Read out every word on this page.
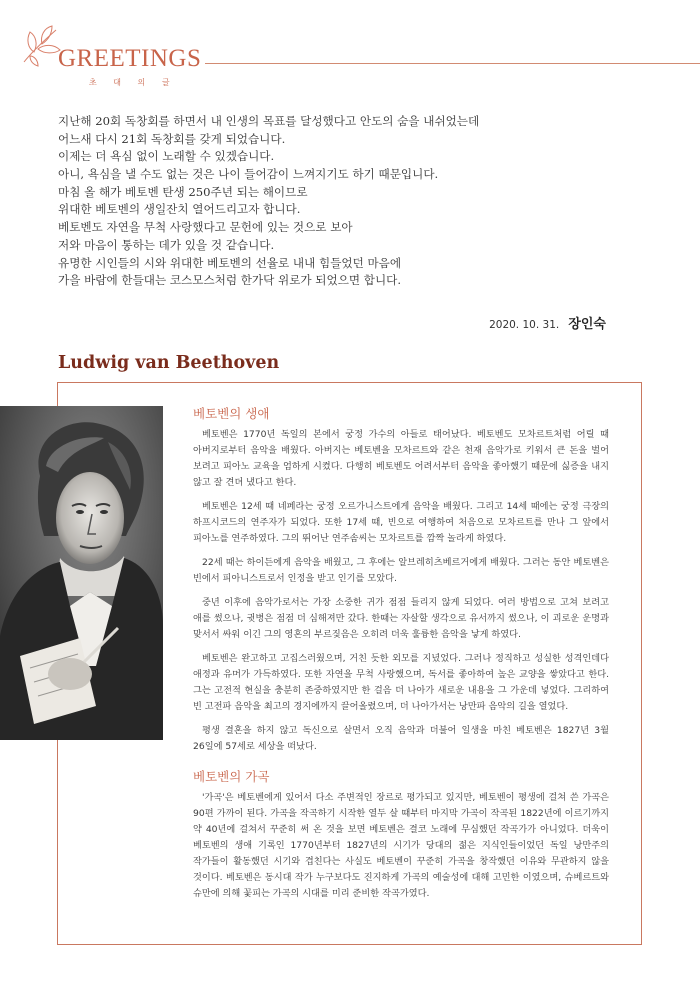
GREETINGS
초 대 의 글
지난해 20회 독창회를 하면서 내 인생의 목표를 달성했다고 안도의 숨을 내쉬었는데
어느새 다시 21회 독창회를 갖게 되었습니다.
이제는 더 욕심 없이 노래할 수 있겠습니다.
아니, 욕심을 낼 수도 없는 것은 나이 들어감이 느껴지기도 하기 때문입니다.
마침 올 해가 베토벤 탄생 250주년 되는 해이므로
위대한 베토벤의 생일잔치 열어드리고자 합니다.
베토벤도 자연을 무척 사랑했다고 문헌에 있는 것으로 보아
저와 마음이 통하는 데가 있을 것 같습니다.
유명한 시인들의 시와 위대한 베토벤의 선율로 내내 힘들었던 마음에
가을 바람에 한들대는 코스모스처럼 한가닥 위로가 되었으면 합니다.
2020. 10. 31. 장인숙
Ludwig van Beethoven
베토벤의 생애

베토벤은 1770년 독일의 본에서 궁정 가수의 아들로 태어났다. 베토벤도 모차르트처럼 어릴 때 아버지로부터 음악을 배웠다. 아버지는 베토벤을 모차르트와 같은 천재 음악가로 키워서 큰 돈을 벌어 보려고 피아노 교육을 엄하게 시켰다. 다행히 베토벤도 어려서부터 음악을 좋아했기 때문에 싫증을 내지 않고 잘 견뎌 냈다고 한다.

베토벤은 12세 때 네페라는 궁정 오르가니스트에게 음악을 배웠다. 그리고 14세 때에는 궁정 극장의 하프시코드의 연주자가 되었다. 또한 17세 때, 빈으로 여행하여 처음으로 모차르트를 만나 그 앞에서 피아노를 연주하였다. 그의 뛰어난 연주솜씨는 모차르트를 깜짝 놀라게 하였다.

22세 때는 하이든에게 음악을 배웠고, 그 후에는 알브레히츠베르거에게 배웠다. 그러는 동안 베토벤은 빈에서 피아니스트로서 인정을 받고 인기를 모았다.

중년 이후에 음악가로서는 가장 소중한 귀가 점점 들리지 않게 되었다. 여러 방법으로 고쳐 보려고 애를 썼으나, 귓병은 점점 더 심해져만 갔다. 한때는 자살할 생각으로 유서까지 썼으나, 이 괴로운 운명과 맞서서 싸워 이긴 그의 영혼의 부르짖음은 오히려 더욱 훌륭한 음악을 낳게 하였다.

베토벤은 완고하고 고집스러웠으며, 거친 듯한 외모를 지녔었다. 그러나 정직하고 성실한 성격인데다 애정과 유머가 가득하였다. 또한 자연을 무척 사랑했으며, 독서를 좋아하여 높은 교양을 쌓았다고 한다. 그는 고전적 현실을 충분히 존중하였지만 한 걸음 더 나아가 새로운 내용을 그 가운데 넣었다. 그리하여 빈 고전파 음악을 최고의 경지에까지 끌어올렸으며, 더 나아가서는 낭만파 음악의 길을 열었다.

평생 결혼을 하지 않고 독신으로 살면서 오직 음악과 더불어 일생을 마친 베토벤은 1827년 3월 26일에 57세로 세상을 떠났다.

베토벤의 가곡

'가곡'은 베토벤에게 있어서 다소 주변적인 장르로 평가되고 있지만, 베토벤이 평생에 걸쳐 쓴 가곡은 90편 가까이 된다. 가곡을 작곡하기 시작한 열두 살 때부터 마지막 가곡이 작곡된 1822년에 이르기까지 약 40년에 걸쳐서 꾸준히 써 온 것을 보면 베토벤은 결코 노래에 무심했던 작곡가가 아니었다. 더욱이 베토벤의 생애 기록인 1770년부터 1827년의 시기가 당대의 젊은 지식인들이었던 독일 낭만주의 작가들이 활동했던 시기와 겹친다는 사실도 베토벤이 꾸준히 가곡을 창작했던 이유와 무관하지 않을 것이다. 베토벤은 동시대 작가 누구보다도 진지하게 가곡의 예술성에 대해 고민한 이였으며, 슈베르트와 슈만에 의해 꽃피는 가곡의 시대를 미리 준비한 작곡가였다.
